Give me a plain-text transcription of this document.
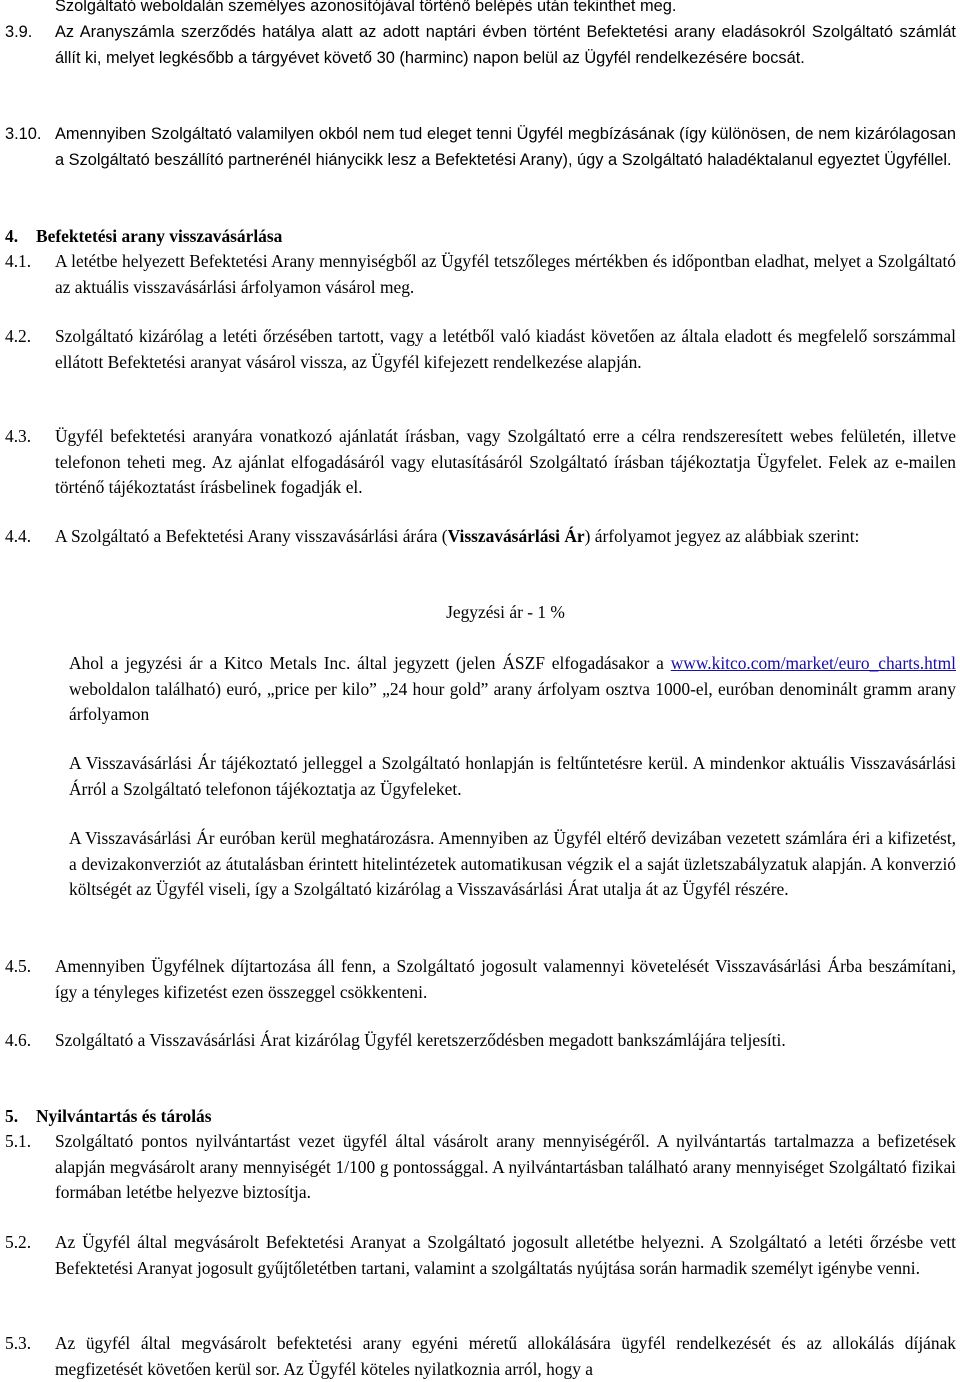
Szolgáltató weboldalán személyes azonosítójával történő belépés után tekinthet meg.

3.9. Az Aranyszámla szerződés hatálya alatt az adott naptári évben történt Befektetési arany eladásokról Szolgáltató számlát állít ki, melyet legkésőbb a tárgyévet követő 30 (harminc) napon belül az Ügyfél rendelkezésére bocsát.

3.10. Amennyiben Szolgáltató valamilyen okból nem tud eleget tenni Ügyfél megbízásának (így különösen, de nem kizárólagosan a Szolgáltató beszállító partnerénél hiánycikk lesz a Befektetési Arany), úgy a Szolgáltató haladéktalanul egyeztet Ügyféllel.

4. Befektetési arany visszavásárlása

4.1. A letétbe helyezett Befektetési Arany mennyiségből az Ügyfél tetszőleges mértékben és időpontban eladhat, melyet a Szolgáltató az aktuális visszavásárlási árfolyamon vásárol meg.

4.2. Szolgáltató kizárólag a letéti őrzésében tartott, vagy a letétből való kiadást követően az általa eladott és megfelelő sorszámmal ellátott Befektetési aranyat vásárol vissza, az Ügyfél kifejezett rendelkezése alapján.

4.3. Ügyfél befektetési aranyára vonatkozó ajánlatát írásban, vagy Szolgáltató erre a célra rendszeresített webes felületén, illetve telefonon teheti meg. Az ajánlat elfogadásáról vagy elutasításáról Szolgáltató írásban tájékoztatja Ügyfelet. Felek az e-mailen történő tájékoztatást írásbelinek fogadják el.

4.4. A Szolgáltató a Befektetési Arany visszavásárlási árára (Visszavásárlási Ár) árfolyamot jegyez az alábbiak szerint:

Jegyzési ár - 1 %

Ahol a jegyzési ár a Kitco Metals Inc. által jegyzett (jelen ÁSZF elfogadásakor a www.kitco.com/market/euro_charts.html weboldalon található) euró, „price per kilo” „24 hour gold” arany árfolyam osztva 1000-el, euróban denominált gramm arany árfolyamon

A Visszavásárlási Ár tájékoztató jelleggel a Szolgáltató honlapján is feltűntetésre kerül. A mindenkor aktuális Visszavásárlási Árról a Szolgáltató telefonon tájékoztatja az Ügyfeleket.

A Visszavásárlási Ár euróban kerül meghatározásra. Amennyiben az Ügyfél eltérő devizában vezetett számlára éri a kifizetést, a devizakonverziót az átutalásban érintett hitelintézetek automatikusan végzik el a saját üzletszabályzatuk alapján. A konverzió költségét az Ügyfél viseli, így a Szolgáltató kizárólag a Visszavásárlási Árat utalja át az Ügyfél részére.

4.5. Amennyiben Ügyfélnek díjtartozása áll fenn, a Szolgáltató jogosult valamennyi követelését Visszavásárlási Árba beszámítani, így a tényleges kifizetést ezen összeggel csökkenteni.

4.6. Szolgáltató a Visszavásárlási Árat kizárólag Ügyfél keretszerződésben megadott bankszámlájára teljesíti.

5. Nyilvántartás és tárolás

5.1. Szolgáltató pontos nyilvántartást vezet ügyfél által vásárolt arany mennyiségéről. A nyilvántartás tartalmazza a befizetések alapján megvásárolt arany mennyiségét 1/100 g pontossággal. A nyilvántartásban található arany mennyiséget Szolgáltató fizikai formában letétbe helyezve biztosítja.

5.2. Az Ügyfél által megvásárolt Befektetési Aranyat a Szolgáltató jogosult alletétbe helyezni. A Szolgáltató a letéti őrzésbe vett Befektetési Aranyat jogosult gyűjtőletétben tartani, valamint a szolgáltatás nyújtása során harmadik személyt igénybe venni.

5.3. Az ügyfél által megvásárolt befektetési arany egyéni méretű allokálására ügyfél rendelkezését és az allokálás díjának megfizetését követően kerül sor. Az Ügyfél köteles nyilatkoznia arról, hogy a
